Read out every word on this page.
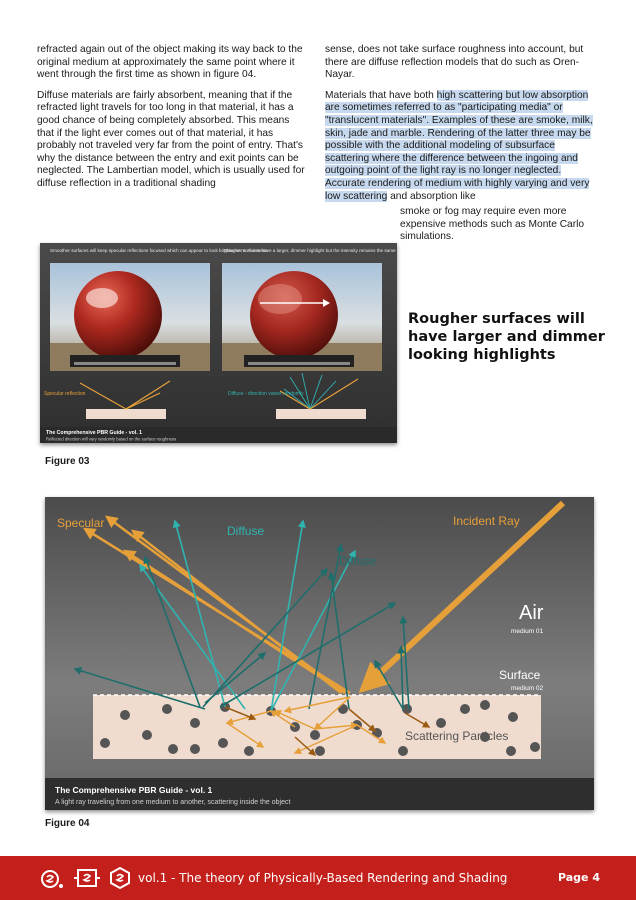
refracted again out of the object making its way back to the original medium at approximately the same point where it went through the first time as shown in figure 04.

Diffuse materials are fairly absorbent, meaning that if the refracted light travels for too long in that material, it has a good chance of being completely absorbed. This means that if the light ever comes out of that material, it has probably not traveled very far from the point of entry. That's why the distance between the entry and exit points can be neglected. The Lambertian model, which is usually used for diffuse reflection in a traditional shading

sense, does not take surface roughness into account, but there are diffuse reflection models that do such as Oren-Nayar.

Materials that have both high scattering but low absorption are sometimes referred to as "participating media" or "translucent materials". Examples of these are smoke, milk, skin, jade and marble. Rendering of the latter three may be possible with the additional modeling of subsurface scattering where the difference between the ingoing and outgoing point of the light ray is no longer neglected. Accurate rendering of medium with highly varying and very low scattering and absorption like

smoke or fog may require even more expensive methods such as Monte Carlo simulations.
Smoother surfaces will keep specular reflections focused which can appear to look brighter or more intense
Rougher surfaces have a larger, dimmer highlight but the intensity remains the same
Specular reflection	Diffuse - direction varies randomly
The Comprehensive PBR Guide - vol. 1
Reflected direction will vary randomly based on the surface roughness
Figure 03
Rougher surfaces will have larger and dimmer looking highlights
Specular
Diffuse
Diffuse
Incident Ray
Air
medium 01
Surface
medium 02
Scattering Particles
The Comprehensive PBR Guide - vol. 1
A light ray traveling from one medium to another, scattering inside the object
Figure 04
vol.1 - The theory of Physically-Based Rendering and Shading	Page 4
